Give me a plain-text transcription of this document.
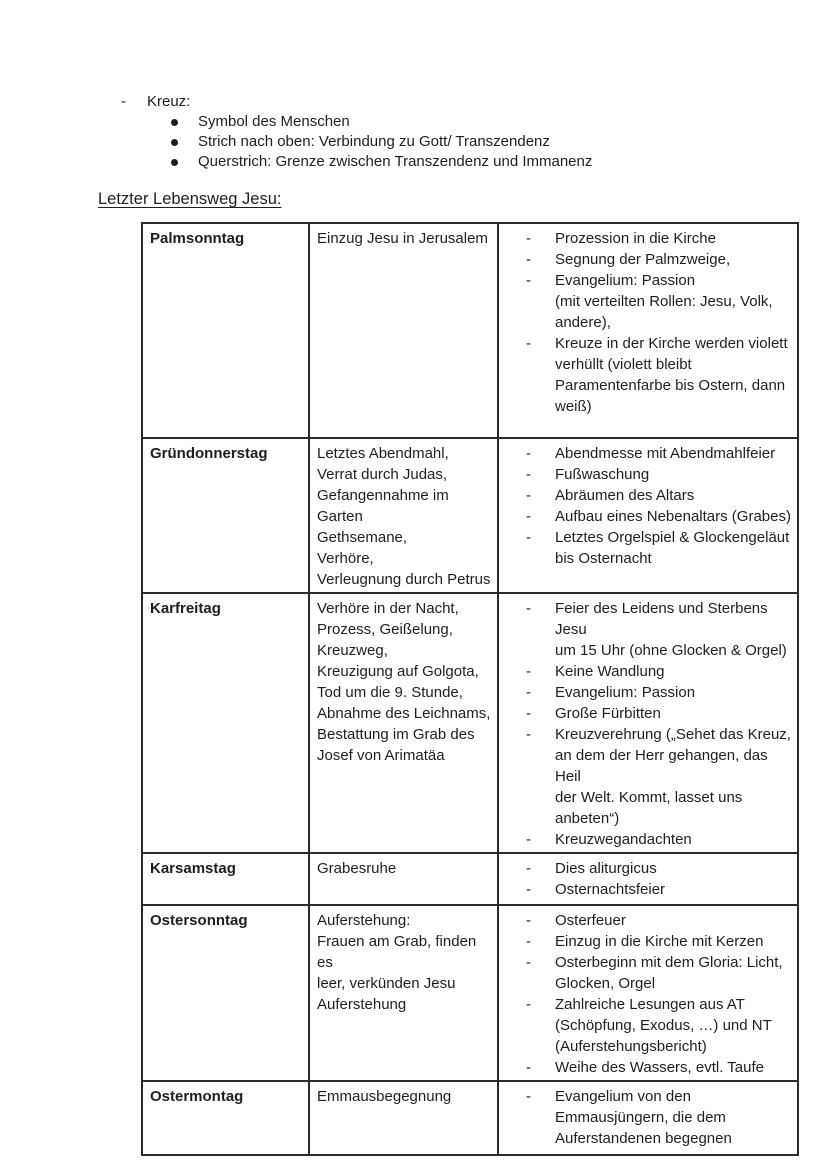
-	Kreuz:
Symbol des Menschen
Strich nach oben: Verbindung zu Gott/ Transzendenz
Querstrich: Grenze zwischen Transzendenz und Immanenz
Letzter Lebensweg Jesu:
Palmsonntag	Einzug Jesu in Jerusalem	-	Prozession in die Kirche
-	Segnung der Palmzweige,
-	Evangelium: Passion
(mit verteilten Rollen: Jesu, Volk,
andere),
-	Kreuze in der Kirche werden violett
verhüllt (violett bleibt
Paramentenfarbe bis Ostern, dann
weiß)

Gründonnerstag	Letztes Abendmahl,
Verrat durch Judas,
Gefangennahme im Garten
Gethsemane,
Verhöre,
Verleugnung durch Petrus

-	Abendmesse mit Abendmahlfeier
-	Fußwaschung
-	Abräumen des Altars
-	Aufbau eines Nebenaltars (Grabes)
-	Letztes Orgelspiel & Glockengeläut
bis Osternacht

Karfreitag	Verhöre in der Nacht,
Prozess, Geißelung,
Kreuzweg,
Kreuzigung auf Golgota,
Tod um die 9. Stunde,
Abnahme des Leichnams,
Bestattung im Grab des
Josef von Arimatäa

-	Feier des Leidens und Sterbens Jesu
um 15 Uhr (ohne Glocken & Orgel)
-	Keine Wandlung
-	Evangelium: Passion
-	Große Fürbitten
-	Kreuzverehrung („Sehet das Kreuz,
an dem der Herr gehangen, das Heil
der Welt. Kommt, lasset uns
anbeten“)
-	Kreuzwegandachten

Karsamstag	Grabesruhe	- Dies aliturgicus
- Osternachtsfeier

Ostersonntag	Auferstehung:
Frauen am Grab, finden es
leer, verkünden Jesu
Auferstehung

-	Osterfeuer
-	Einzug in die Kirche mit Kerzen
-	Osterbeginn mit dem Gloria: Licht,
Glocken, Orgel
-	Zahlreiche Lesungen aus AT
(Schöpfung, Exodus, …) und NT
(Auferstehungsbericht)
-	Weihe des Wassers, evtl. Taufe

Ostermontag	Emmausbegegnung	- Evangelium von den
Emmausjüngern, die dem
Auferstandenen begegnen
